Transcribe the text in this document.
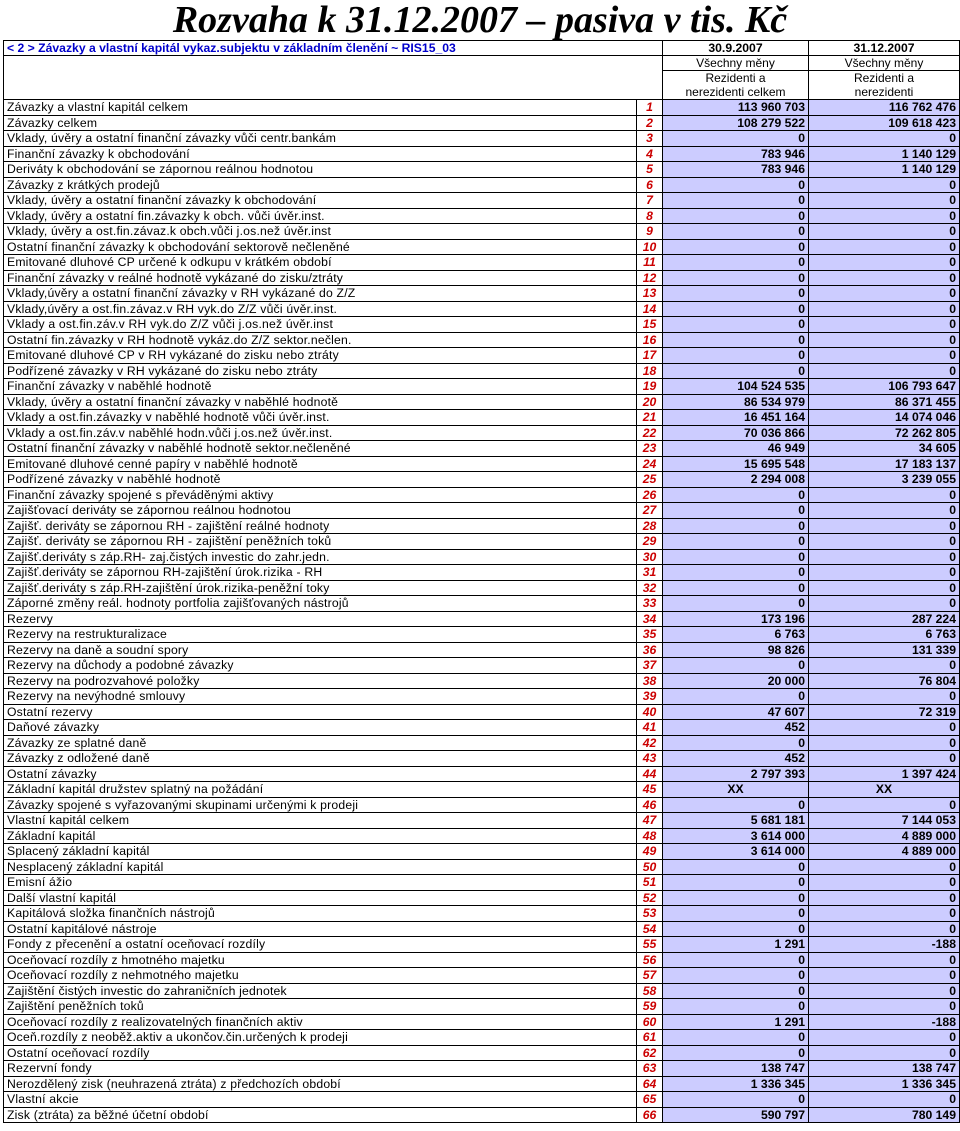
Rozvaha k 31.12.2007 – pasiva v tis. Kč
< 2 > Závazky a vlastní kapitál vykaz.subjektu v základním členění ~ RIS15_03		30.9.2007	31.12.2007
		Všechny měny	Všechny měny
		Rezidenti a	Rezidenti a
		nerezidenti celkem	nerezidenti
Závazky a vlastní kapitál celkem	1	113 960 703	116 762 476
Závazky celkem	2	108 279 522	109 618 423
Vklady, úvěry a ostatní finanční závazky vůči centr.bankám	3	0	0
Finanční závazky k obchodování	4	783 946	1 140 129
Deriváty k obchodování se zápornou reálnou hodnotou	5	783 946	1 140 129
Závazky z krátkých prodejů	6	0	0
Vklady, úvěry a ostatní finanční závazky k obchodování	7	0	0
Vklady, úvěry a ostatní fin.závazky k obch. vůči úvěr.inst.	8	0	0
Vklady, úvěry a ost.fin.závaz.k obch.vůči j.os.než úvěr.inst	9	0	0
Ostatní finanční závazky k obchodování sektorově nečleněné	10	0	0
Emitované dluhové CP určené k odkupu v krátkém období	11	0	0
Finanční závazky v reálné hodnotě vykázané do zisku/ztráty	12	0	0
Vklady,úvěry a ostatní finanční závazky v RH vykázané do Z/Z	13	0	0
Vklady,úvěry a ost.fin.závaz.v RH vyk.do Z/Z vůči úvěr.inst.	14	0	0
Vklady a ost.fin.záv.v RH vyk.do Z/Z vůči j.os.než úvěr.inst	15	0	0
Ostatní fin.závazky v RH hodnotě vykáz.do Z/Z sektor.nečlen.	16	0	0
Emitované dluhové CP v RH vykázané do zisku nebo ztráty	17	0	0
Podřízené závazky v RH vykázané do zisku nebo ztráty	18	0	0
Finanční závazky v naběhlé hodnotě	19	104 524 535	106 793 647
Vklady, úvěry a ostatní finanční závazky v naběhlé hodnotě	20	86 534 979	86 371 455
Vklady a ost.fin.závazky v naběhlé hodnotě vůči úvěr.inst.	21	16 451 164	14 074 046
Vklady a ost.fin.záv.v naběhlé hodn.vůči j.os.než úvěr.inst.	22	70 036 866	72 262 805
Ostatní finanční závazky v naběhlé hodnotě sektor.nečleněné	23	46 949	34 605
Emitované dluhové cenné papíry v naběhlé hodnotě	24	15 695 548	17 183 137
Podřízené závazky v naběhlé hodnotě	25	2 294 008	3 239 055
Finanční závazky spojené s převáděnými aktivy	26	0	0
Zajišťovací deriváty se zápornou reálnou hodnotou	27	0	0
Zajišť. deriváty se zápornou RH - zajištění reálné hodnoty	28	0	0
Zajišť. deriváty se zápornou RH - zajištění peněžních toků	29	0	0
Zajišť.deriváty s záp.RH- zaj.čistých investic do zahr.jedn.	30	0	0
Zajišť.deriváty se zápornou RH-zajištění úrok.rizika - RH	31	0	0
Zajišť.deriváty s záp.RH-zajištění úrok.rizika-peněžní toky	32	0	0
Záporné změny reál. hodnoty portfolia zajišťovaných nástrojů	33	0	0
Rezervy	34	173 196	287 224
Rezervy na restrukturalizace	35	6 763	6 763
Rezervy na daně a soudní spory	36	98 826	131 339
Rezervy na důchody a podobné závazky	37	0	0
Rezervy na podrozvahové položky	38	20 000	76 804
Rezervy na nevýhodné smlouvy	39	0	0
Ostatní rezervy	40	47 607	72 319
Daňové závazky	41	452	0
Závazky ze splatné daně	42	0	0
Závazky z odložené daně	43	452	0
Ostatní závazky	44	2 797 393	1 397 424
Základní kapitál družstev splatný na požádání	45	XX	XX
Závazky spojené s vyřazovanými skupinami určenými k prodeji	46	0	0
Vlastní kapitál celkem	47	5 681 181	7 144 053
Základní kapitál	48	3 614 000	4 889 000
Splacený základní kapitál	49	3 614 000	4 889 000
Nesplacený základní kapitál	50	0	0
Emisní ážio	51	0	0
Další vlastní kapitál	52	0	0
Kapitálová složka finančních nástrojů	53	0	0
Ostatní kapitálové nástroje	54	0	0
Fondy z přecenění a ostatní oceňovací rozdíly	55	1 291	-188
Oceňovací rozdíly z hmotného majetku	56	0	0
Oceňovací rozdíly z nehmotného majetku	57	0	0
Zajištění čistých investic do zahraničních jednotek	58	0	0
Zajištění peněžních toků	59	0	0
Oceňovací rozdíly z realizovatelných finančních aktiv	60	1 291	-188
Oceň.rozdíly z neoběž.aktiv a ukončov.čin.určených k prodeji	61	0	0
Ostatní oceňovací rozdíly	62	0	0
Rezervní fondy	63	138 747	138 747
Nerozdělený zisk (neuhrazená ztráta) z předchozích období	64	1 336 345	1 336 345
Vlastní akcie	65	0	0
Zisk (ztráta) za běžné účetní období	66	590 797	780 149
